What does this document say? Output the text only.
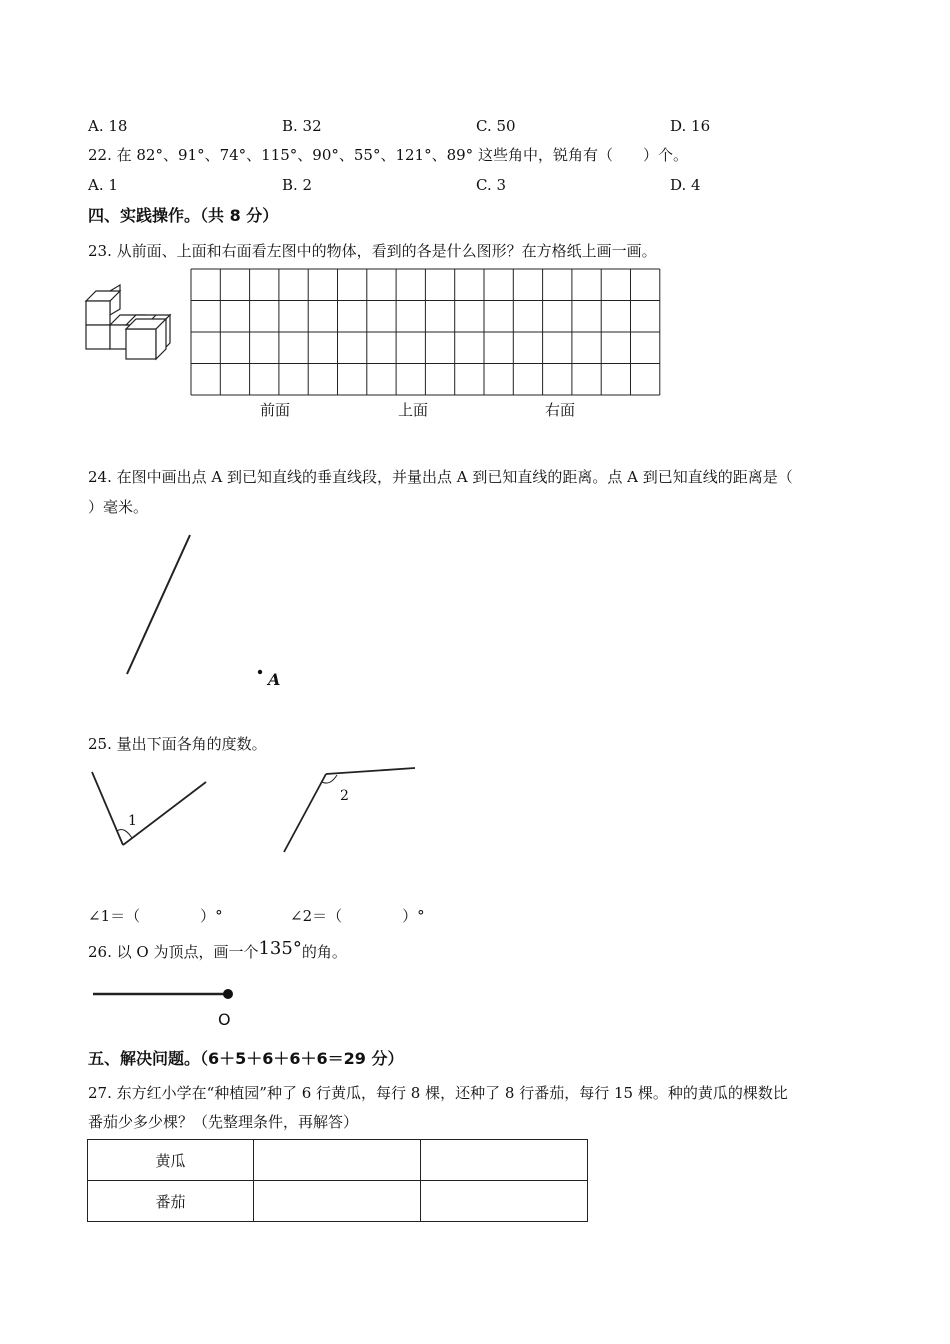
A. 18	B. 32	C. 50	D. 16
22. 在 82°、91°、74°、115°、90°、55°、121°、89° 这些角中，锐角有（　　）个。
A. 1	B. 2	C. 3	D. 4
四、实践操作。（共 8 分）
23. 从前面、上面和右面看左图中的物体，看到的各是什么图形？在方格纸上画一画。
前面	上面	右面
24. 在图中画出点 A 到已知直线的垂直线段，并量出点 A 到已知直线的距离。点 A 到已知直线的距离是（
）毫米。
A
25. 量出下面各角的度数。
1
2
∠1＝（　　　　）°	∠2＝（　　　　）°
26. 以 O 为顶点，画一个135°的角。
O
五、解决问题。（6＋5＋6＋6＋6＝29 分）
27. 东方红小学在“种植园”种了 6 行黄瓜，每行 8 棵，还种了 8 行番茄，每行 15 棵。种的黄瓜的棵数比
番茄少多少棵？（先整理条件，再解答）
黄瓜		
番茄		
